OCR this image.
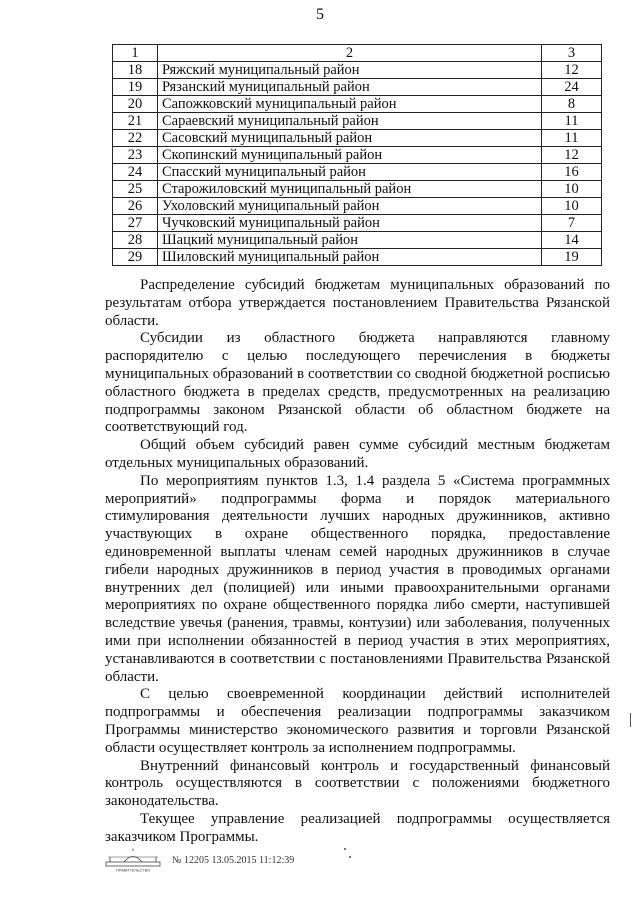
5
1	2	3
18	Ряжский муниципальный район	12
19	Рязанский муниципальный район	24
20	Сапожковский муниципальный район	8
21	Сараевский муниципальный район	11
22	Сасовский муниципальный район	11
23	Скопинский муниципальный район	12
24	Спасский муниципальный район	16
25	Старожиловский муниципальный район	10
26	Ухоловский муниципальный район	10
27	Чучковский муниципальный район	7
28	Шацкий муниципальный район	14
29	Шиловский муниципальный район	19

Распределение субсидий бюджетам муниципальных образований по результатам отбора утверждается постановлением Правительства Рязанской области.

Субсидии из областного бюджета направляются главному распорядителю с целью последующего перечисления в бюджеты муниципальных образований в соответствии со сводной бюджетной росписью областного бюджета в пределах средств, предусмотренных на реализацию подпрограммы законом Рязанской области об областном бюджете на соответствующий год.

Общий объем субсидий равен сумме субсидий местным бюджетам отдельных муниципальных образований.

По мероприятиям пунктов 1.3, 1.4 раздела 5 «Система программных мероприятий» подпрограммы форма и порядок материального стимулирования деятельности лучших народных дружинников, активно участвующих в охране общественного порядка, предоставление единовременной выплаты членам семей народных дружинников в случае гибели народных дружинников в период участия в проводимых органами внутренних дел (полицией) или иными правоохранительными органами мероприятиях по охране общественного порядка либо смерти, наступившей вследствие увечья (ранения, травмы, контузии) или заболевания, полученных ими при исполнении обязанностей в период участия в этих мероприятиях, устанавливаются в соответствии с постановлениями Правительства Рязанской области.

С целью своевременной координации действий исполнителей подпрограммы и обеспечения реализации подпрограммы заказчиком Программы министерство экономического развития и торговли Рязанской области осуществляет контроль за исполнением подпрограммы.

Внутренний финансовый контроль и государственный финансовый контроль осуществляются в соответствии с положениями бюджетного законодательства.

Текущее управление реализацией подпрограммы осуществляется заказчиком Программы.

ПРАВИТЕЛЬСТВО
№ 12205 13.05.2015 11:12:39
